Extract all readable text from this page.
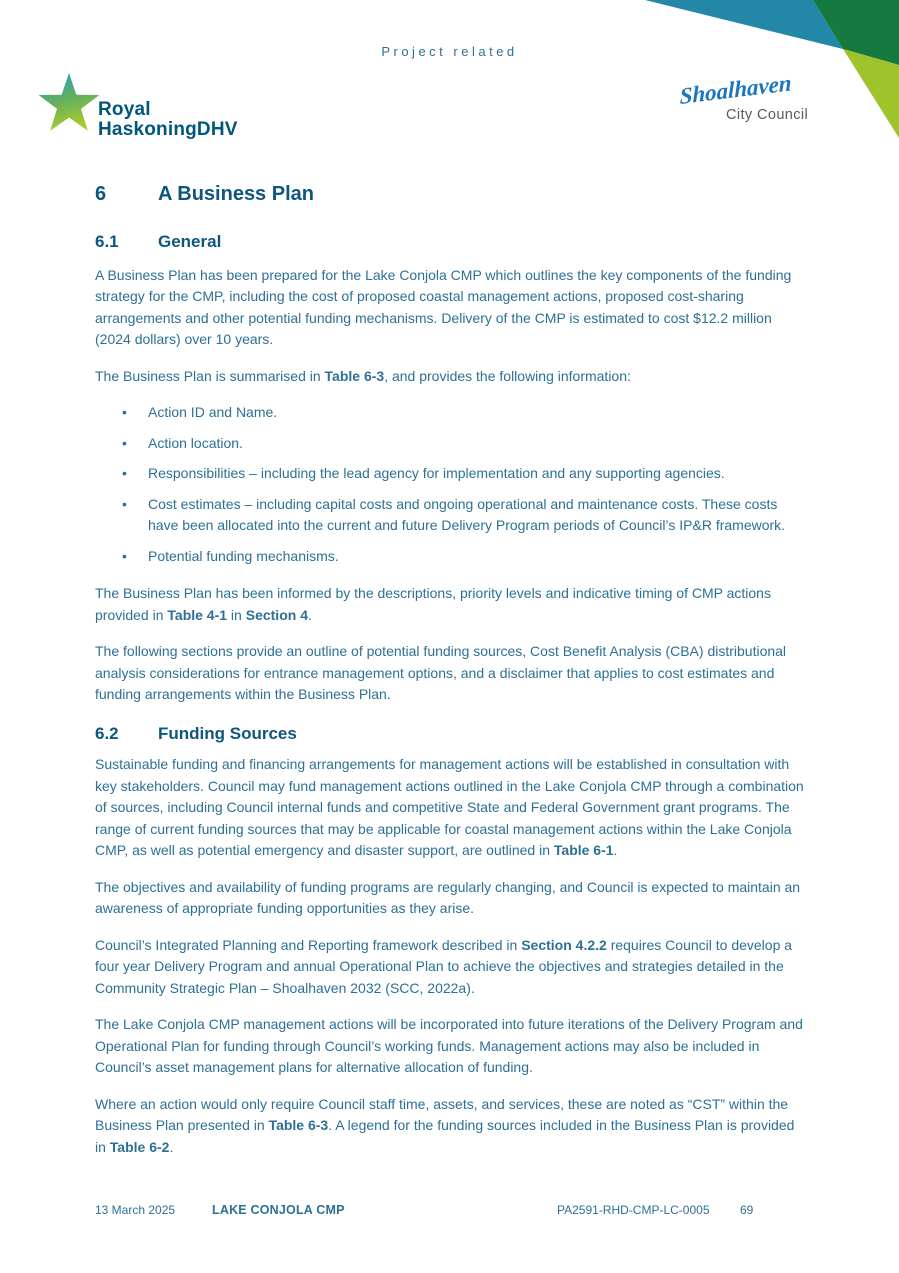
Project related
Royal
HaskoningDHV
Shoalhaven
City Council
6	A Business Plan
6.1 General

A Business Plan has been prepared for the Lake Conjola CMP which outlines the key components of the funding strategy for the CMP, including the cost of proposed coastal management actions, proposed cost-sharing arrangements and other potential funding mechanisms. Delivery of the CMP is estimated to cost $12.2 million (2024 dollars) over 10 years.

The Business Plan is summarised in Table 6-3, and provides the following information:

• Action ID and Name.
• Action location.
• Responsibilities – including the lead agency for implementation and any supporting agencies.
• Cost estimates – including capital costs and ongoing operational and maintenance costs. These costs have been allocated into the current and future Delivery Program periods of Council’s IP&R framework.
• Potential funding mechanisms.

The Business Plan has been informed by the descriptions, priority levels and indicative timing of CMP actions provided in Table 4-1 in Section 4.

The following sections provide an outline of potential funding sources, Cost Benefit Analysis (CBA) distributional analysis considerations for entrance management options, and a disclaimer that applies to cost estimates and funding arrangements within the Business Plan.

6.2 Funding Sources

Sustainable funding and financing arrangements for management actions will be established in consultation with key stakeholders. Council may fund management actions outlined in the Lake Conjola CMP through a combination of sources, including Council internal funds and competitive State and Federal Government grant programs. The range of current funding sources that may be applicable for coastal management actions within the Lake Conjola CMP, as well as potential emergency and disaster support, are outlined in Table 6-1.

The objectives and availability of funding programs are regularly changing, and Council is expected to maintain an awareness of appropriate funding opportunities as they arise.

Council’s Integrated Planning and Reporting framework described in Section 4.2.2 requires Council to develop a four year Delivery Program and annual Operational Plan to achieve the objectives and strategies detailed in the Community Strategic Plan – Shoalhaven 2032 (SCC, 2022a).

The Lake Conjola CMP management actions will be incorporated into future iterations of the Delivery Program and Operational Plan for funding through Council’s working funds. Management actions may also be included in Council’s asset management plans for alternative allocation of funding.

Where an action would only require Council staff time, assets, and services, these are noted as “CST” within the Business Plan presented in Table 6-3. A legend for the funding sources included in the Business Plan is provided in Table 6-2.

13 March 2025	LAKE CONJOLA CMP	PA2591-RHD-CMP-LC-0005	69
